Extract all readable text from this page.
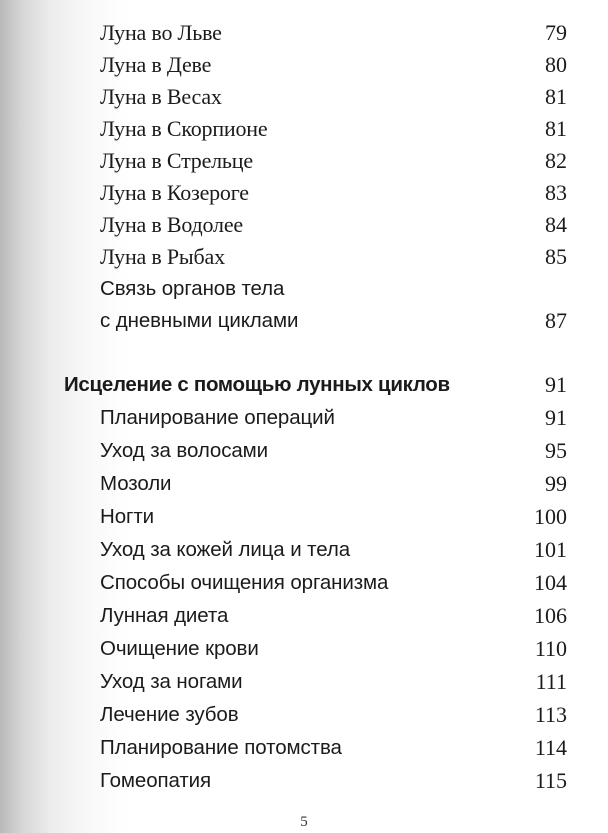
Луна во Льве	79
Луна в Деве	80
Луна в Весах	81
Луна в Скорпионе	81
Луна в Стрельце	82
Луна в Козероге	83
Луна в Водолее	84
Луна в Рыбах	85
Связь органов тела
с дневными циклами	87
Исцеление с помощью лунных циклов	91
Планирование операций	91
Уход за волосами	95
Мозоли	99
Ногти	100
Уход за кожей лица и тела	101
Способы очищения организма	104
Лунная диета	106
Очищение крови	110
Уход за ногами	111
Лечение зубов	113
Планирование потомства	114
Гомеопатия	115
5
